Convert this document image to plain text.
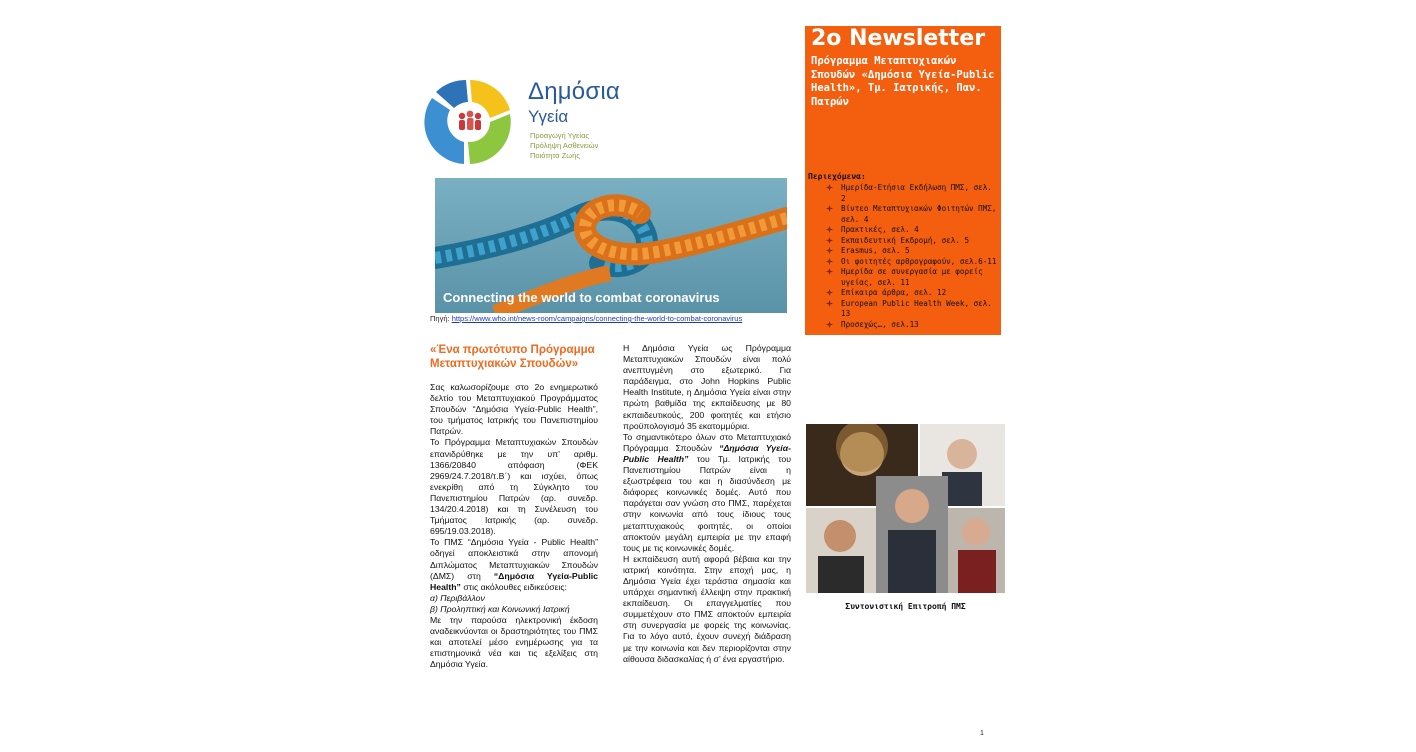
Δημόσια
Υγεία
Προαγωγή Υγείας
Πρόληψη Ασθενειών
Ποιότητα Ζωής
Connecting the world to combat coronavirus
Πηγή: https://www.who.int/news-room/campaigns/connecting-the-world-to-combat-coronavirus
2o Newsletter
Πρόγραμμα Μεταπτυχιακών Σπουδών «Δημόσια Υγεία-Public Health», Τμ. Ιατρικής, Παν. Πατρών
Περιεχόμενα:
Ημερίδα-Ετήσια Εκδήλωση ΠΜΣ, σελ. 2
Βίντεο Μεταπτυχιακών Φοιτητών ΠΜΣ, σελ. 4
Πρακτικές, σελ. 4
Εκπαιδευτική Εκδρομή, σελ. 5
Erasmus, σελ. 5
Οι φοιτητές αρθρογραφούν, σελ.6-11
Ημερίδα σε συνεργασία με φορείς υγείας, σελ. 11
Επίκαιρα άρθρα, σελ. 12
European Public Health Week, σελ. 13
Προσεχώς…, σελ.13
«Ένα πρωτότυπο Πρόγραμμα Μεταπτυχιακών Σπουδών»

Σας καλωσορίζουμε στο 2ο ενημερωτικό δελτίο του Μεταπτυχιακού Προγράμματος Σπουδών “Δημόσια Υγεία-Public Health”, του τμήματος Ιατρικής του Πανεπιστημίου Πατρών.

Το Πρόγραμμα Μεταπτυχιακών Σπουδών επανιδρύθηκε με την υπ’ αριθμ. 1366/20840 απόφαση (ΦΕΚ 2969/24.7.2018/τ.Β΄) και ισχύει, όπως ενεκρίθη από τη Σύγκλητο του Πανεπιστημίου Πατρών (αρ. συνεδρ. 134/20.4.2018) και τη Συνέλευση του Τμήματος Ιατρικής (αρ. συνεδρ. 695/19.03.2018).

Το ΠΜΣ “Δημόσια Υγεία - Public Health” οδηγεί αποκλειστικά στην απονομή Διπλώματος Μεταπτυχιακών Σπουδών (ΔΜΣ) στη “Δημόσια Υγεία-Public Health” στις ακόλουθες ειδικεύσεις:

α) Περιβάλλον

β) Προληπτική και Κοινωνική Ιατρική

Με την παρούσα ηλεκτρονική έκδοση αναδεικνύονται οι δραστηριότητες του ΠΜΣ και αποτελεί μέσο ενημέρωσης για τα επιστημονικά νέα και τις εξελίξεις στη Δημόσια Υγεία.

Η Δημόσια Υγεία ως Πρόγραμμα Μεταπτυχιακών Σπουδών είναι πολύ ανεπτυγμένη στο εξωτερικό. Για παράδειγμα, στο John Hopkins Public Health Institute, η Δημόσια Υγεία είναι στην πρώτη βαθμίδα της εκπαίδευσης με 80 εκπαιδευτικούς, 200 φοιτητές και ετήσιο προϋπολογισμό 35 εκατομμύρια.

Το σημαντικότερο όλων στο Μεταπτυχιακό Πρόγραμμα Σπουδών “Δημόσια Υγεία-Public Health” του Τμ. Ιατρικής του Πανεπιστημίου Πατρών είναι η εξωστρέφεια του και η διασύνδεση με διάφορες κοινωνικές δομές. Αυτό που παράγεται σαν γνώση στο ΠΜΣ, παρέχεται στην κοινωνία από τους ίδιους τους μεταπτυχιακούς φοιτητές, οι οποίοι αποκτούν μεγάλη εμπειρία με την επαφή τους με τις κοινωνικές δομές.

Η εκπαίδευση αυτή αφορά βέβαια και την ιατρική κοινότητα. Στην εποχή μας, η Δημόσια Υγεία έχει τεράστια σημασία και υπάρχει σημαντική έλλειψη στην πρακτική εκπαίδευση. Οι επαγγελματίες που συμμετέχουν στο ΠΜΣ αποκτούν εμπειρία στη συνεργασία με φορείς της κοινωνίας. Για το λόγο αυτό, έχουν συνεχή διάδραση με την κοινωνία και δεν περιορίζονται στην αίθουσα διδασκαλίας ή σ’ ένα εργαστήριο.

Συντονιστική Επιτροπή ΠΜΣ
1
